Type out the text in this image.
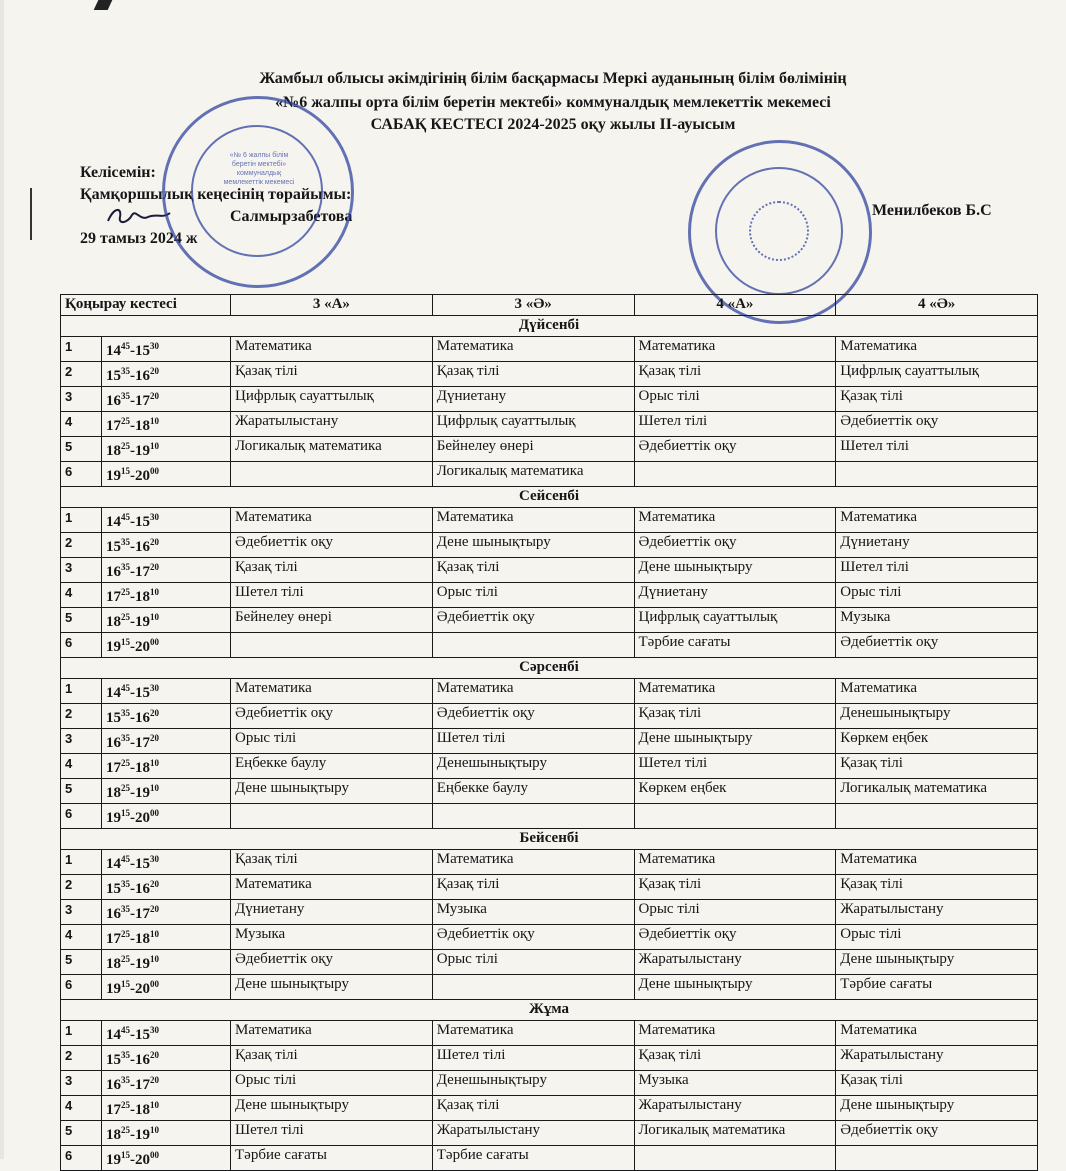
Жамбыл облысы әкімдігінің білім басқармасы Меркі ауданының білім бөлімінің
«№6 жалпы орта білім беретін мектебі» коммуналдық мемлекеттік мекемесі
САБАҚ КЕСТЕСІ 2024-2025 оқу жылы ІІ-ауысым
Келісемін:
Қамқоршылық кеңесінің төрайымы:
Салмырзабетова
29 тамыз 2024 ж
Менилбеков Б.С
«№ 6 жалпы білім беретін мектебі» коммуналдық мемлекеттік мекемесі
Қоңырау кестесі		3 «А»	3 «Ә»	4 «А»	4 «Ә»
Дүйсенбі					
1	$14^{45}-15^{30}$	Математика	Математика	Математика	Математика
2	$15^{35}-16^{20}$	Қазақ тілі	Қазақ тілі	Қазақ тілі	Цифрлық сауаттылық
3	$16^{35}-17^{20}$	Цифрлық сауаттылық	Дүниетану	Орыс тілі	Қазақ тілі
4	$17^{25}-18^{10}$	Жаратылыстану	Цифрлық сауаттылық	Шетел тілі	Әдебиеттік оқу
5	$18^{25}-19^{10}$	Логикалық математика	Бейнелеу өнері	Әдебиеттік оқу	Шетел тілі
6	$19^{15}-20^{00}$		Логикалық математика		
Сейсенбі					
1	$14^{45}-15^{30}$	Математика	Математика	Математика	Математика
2	$15^{35}-16^{20}$	Әдебиеттік оқу	Дене шынықтыру	Әдебиеттік оқу	Дүниетану
3	$16^{35}-17^{20}$	Қазақ тілі	Қазақ тілі	Дене шынықтыру	Шетел тілі
4	$17^{25}-18^{10}$	Шетел тілі	Орыс тілі	Дүниетану	Орыс тілі
5	$18^{25}-19^{10}$	Бейнелеу өнері	Әдебиеттік оқу	Цифрлық сауаттылық	Музыка
6	$19^{15}-20^{00}$			Тәрбие сағаты	Әдебиеттік оқу
Сәрсенбі					
1	$14^{45}-15^{30}$	Математика	Математика	Математика	Математика
2	$15^{35}-16^{20}$	Әдебиеттік оқу	Әдебиеттік оқу	Қазақ тілі	Денешынықтыру
3	$16^{35}-17^{20}$	Орыс тілі	Шетел тілі	Дене шынықтыру	Көркем еңбек
4	$17^{25}-18^{10}$	Еңбекке баулу	Денешынықтыру	Шетел тілі	Қазақ тілі
5	$18^{25}-19^{10}$	Дене шынықтыру	Еңбекке баулу	Көркем еңбек	Логикалық математика
6	$19^{15}-20^{00}$				
Бейсенбі					
1	$14^{45}-15^{30}$	Қазақ тілі	Математика	Математика	Математика
2	$15^{35}-16^{20}$	Математика	Қазақ тілі	Қазақ тілі	Қазақ тілі
3	$16^{35}-17^{20}$	Дүниетану	Музыка	Орыс тілі	Жаратылыстану
4	$17^{25}-18^{10}$	Музыка	Әдебиеттік оқу	Әдебиеттік оқу	Орыс тілі
5	$18^{25}-19^{10}$	Әдебиеттік оқу	Орыс тілі	Жаратылыстану	Дене шынықтыру
6	$19^{15}-20^{00}$	Дене шынықтыру		Дене шынықтыру	Тәрбие сағаты
Жұма					
1	$14^{45}-15^{30}$	Математика	Математика	Математика	Математика
2	$15^{35}-16^{20}$	Қазақ тілі	Шетел тілі	Қазақ тілі	Жаратылыстану
3	$16^{35}-17^{20}$	Орыс тілі	Денешынықтыру	Музыка	Қазақ тілі
4	$17^{25}-18^{10}$	Дене шынықтыру	Қазақ тілі	Жаратылыстану	Дене шынықтыру
5	$18^{25}-19^{10}$	Шетел тілі	Жаратылыстану	Логикалық математика	Әдебиеттік оқу
6	$19^{15}-20^{00}$	Тәрбие сағаты	Тәрбие сағаты		
